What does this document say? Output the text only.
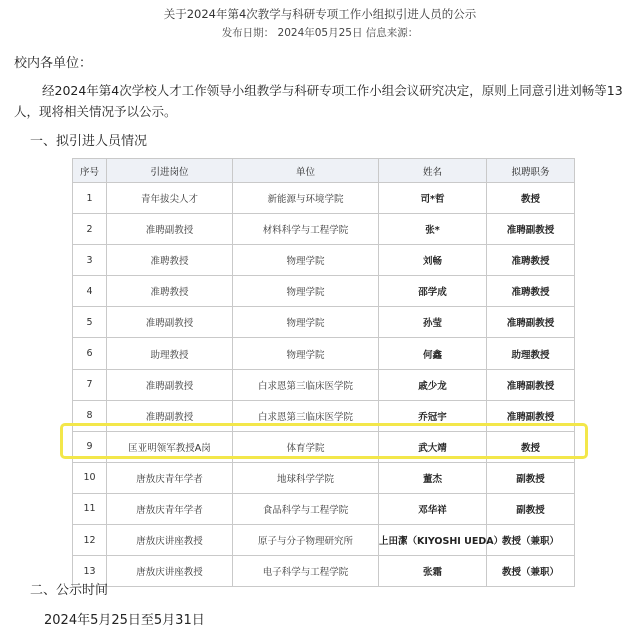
关于2024年第4次教学与科研专项工作小组拟引进人员的公示
发布日期： 2024年05月25日 信息来源：
校内各单位：
经2024年第4次学校人才工作领导小组教学与科研专项工作小组会议研究决定，原则上同意引进刘畅等13人，现将相关情况予以公示。
一、拟引进人员情况
序号	引进岗位	单位	姓名	拟聘职务
1	青年拔尖人才	新能源与环境学院	司*哲	教授
2	准聘副教授	材料科学与工程学院	张*	准聘副教授
3	准聘教授	物理学院	刘畅	准聘教授
4	准聘教授	物理学院	邵学成	准聘教授
5	准聘副教授	物理学院	孙莹	准聘副教授
6	助理教授	物理学院	何鑫	助理教授
7	准聘副教授	白求恩第三临床医学院	戚少龙	准聘副教授
8	准聘副教授	白求恩第三临床医学院	乔冠宇	准聘副教授
9	匡亚明领军教授A岗	体育学院	武大靖	教授
10	唐敖庆青年学者	地球科学学院	董杰	副教授
11	唐敖庆青年学者	食品科学与工程学院	邓华祥	副教授
12	唐敖庆讲座教授	原子与分子物理研究所	上田潔（KIYOSHI UEDA）	教授（兼职）
13	唐敖庆讲座教授	电子科学与工程学院	张霜	教授（兼职）
二、公示时间
2024年5月25日至5月31日
